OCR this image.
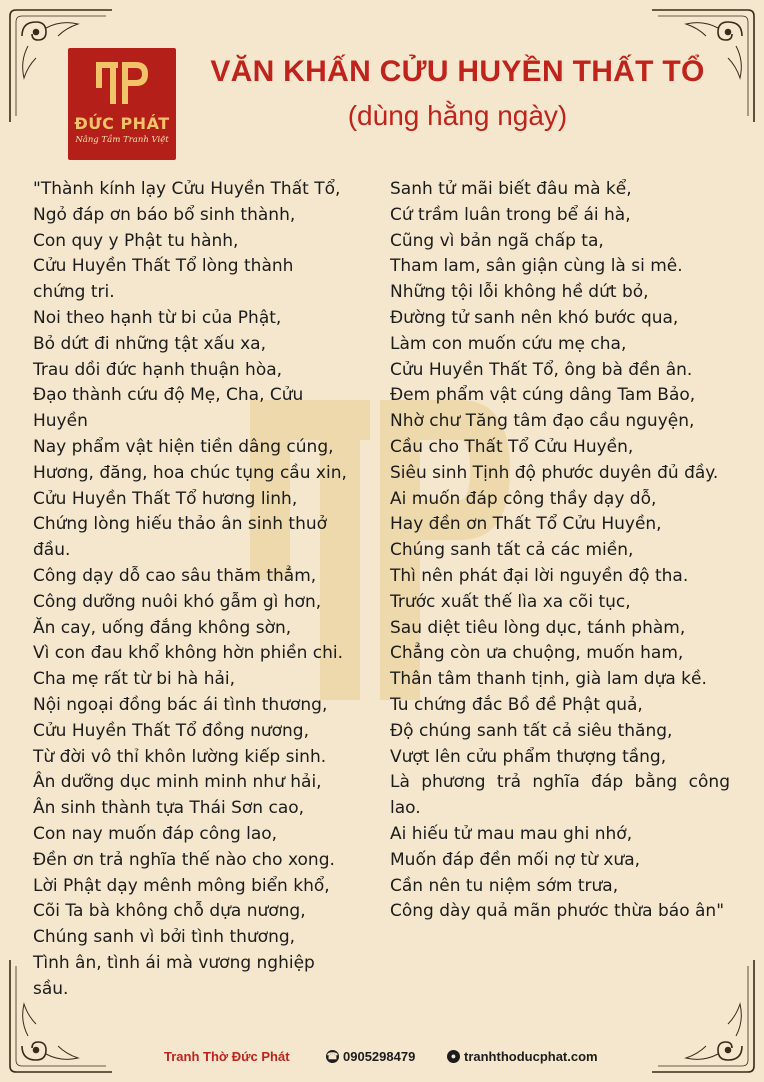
ĐỨC PHÁT
Nâng Tầm Tranh Việt
VĂN KHẤN CỬU HUYỀN THẤT TỔ
(dùng hằng ngày)

"Thành kính lạy Cửu Huyền Thất Tổ,

Ngỏ đáp ơn báo bổ sinh thành,

Con quy y Phật tu hành,

Cửu Huyền Thất Tổ lòng thành chứng tri.

Noi theo hạnh từ bi của Phật,

Bỏ dứt đi những tật xấu xa,

Trau dồi đức hạnh thuận hòa,

Đạo thành cứu độ Mẹ, Cha, Cửu Huyền

Nay phẩm vật hiện tiền dâng cúng,

Hương, đăng, hoa chúc tụng cầu xin,

Cửu Huyền Thất Tổ hương linh,

Chứng lòng hiếu thảo ân sinh thuở đầu.

Công dạy dỗ cao sâu thăm thẳm,

Công dưỡng nuôi khó gẫm gì hơn,

Ăn cay, uống đắng không sờn,

Vì con đau khổ không hờn phiền chi.

Cha mẹ rất từ bi hà hải,

Nội ngoại đồng bác ái tình thương,

Cửu Huyền Thất Tổ đồng nương,

Từ đời vô thỉ khôn lường kiếp sinh.

Ân dưỡng dục minh minh như hải,

Ân sinh thành tựa Thái Sơn cao,

Con nay muốn đáp công lao,

Đền ơn trả nghĩa thế nào cho xong.

Lời Phật dạy mênh mông biển khổ,

Cõi Ta bà không chỗ dựa nương,

Chúng sanh vì bởi tình thương,

Tình ân, tình ái mà vương nghiệp sầu.

Sanh tử mãi biết đâu mà kể,

Cứ trầm luân trong bể ái hà,

Cũng vì bản ngã chấp ta,

Tham lam, sân giận cùng là si mê.

Những tội lỗi không hề dứt bỏ,

Đường tử sanh nên khó bước qua,

Làm con muốn cứu mẹ cha,

Cửu Huyền Thất Tổ, ông bà đền ân.

Đem phẩm vật cúng dâng Tam Bảo,

Nhờ chư Tăng tâm đạo cầu nguyện,

Cầu cho Thất Tổ Cửu Huyền,

Siêu sinh Tịnh độ phước duyên đủ đầy.

Ai muốn đáp công thầy dạy dỗ,

Hay đền ơn Thất Tổ Cửu Huyền,

Chúng sanh tất cả các miền,

Thì nên phát đại lời nguyền độ tha.

Trước xuất thế lìa xa cõi tục,

Sau diệt tiêu lòng dục, tánh phàm,

Chẳng còn ưa chuộng, muốn ham,

Thân tâm thanh tịnh, già lam dựa kề.

Tu chứng đắc Bồ đề Phật quả,

Độ chúng sanh tất cả siêu thăng,

Vượt lên cửu phẩm thượng tầng,

Là phương trả nghĩa đáp bằng công lao.

Ai hiếu tử mau mau ghi nhớ,

Muốn đáp đền mối nợ từ xưa,

Cần nên tu niệm sớm trưa,

Công dày quả mãn phước thừa báo ân"

Tranh Thờ Đức Phát	☎ 0905298479	● tranhthoducphat.com
